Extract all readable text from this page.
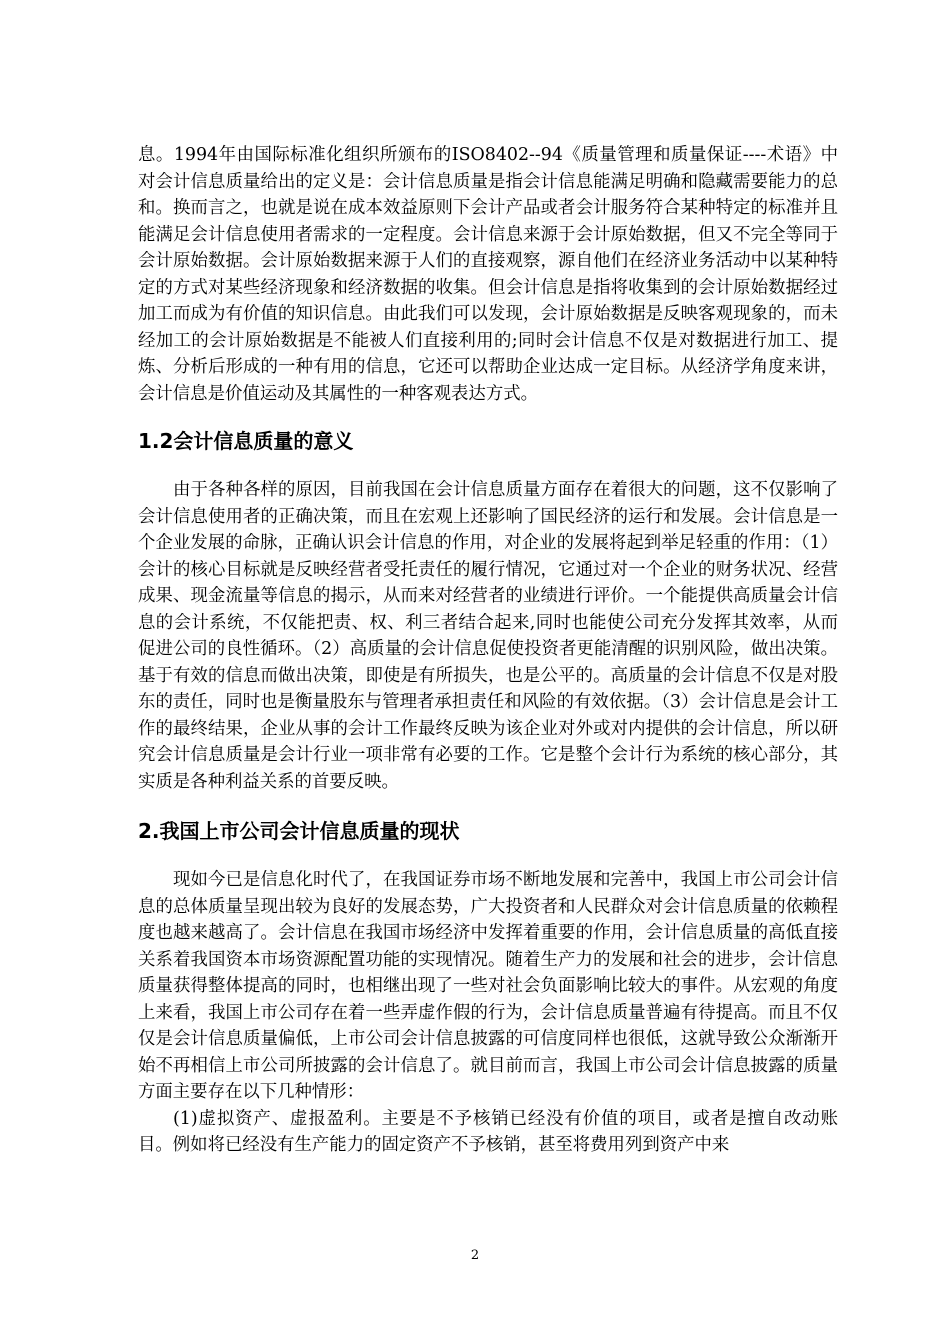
息。1994年由国际标准化组织所颁布的ISO8402--94《质量管理和质量保证----术语》中对会计信息质量给出的定义是：会计信息质量是指会计信息能满足明确和隐藏需要能力的总和。换而言之，也就是说在成本效益原则下会计产品或者会计服务符合某种特定的标准并且能满足会计信息使用者需求的一定程度。会计信息来源于会计原始数据，但又不完全等同于会计原始数据。会计原始数据来源于人们的直接观察，源自他们在经济业务活动中以某种特定的方式对某些经济现象和经济数据的收集。但会计信息是指将收集到的会计原始数据经过加工而成为有价值的知识信息。由此我们可以发现，会计原始数据是反映客观现象的，而未经加工的会计原始数据是不能被人们直接利用的;同时会计信息不仅是对数据进行加工、提炼、分析后形成的一种有用的信息，它还可以帮助企业达成一定目标。从经济学角度来讲，会计信息是价值运动及其属性的一种客观表达方式。

1.2会计信息质量的意义

由于各种各样的原因，目前我国在会计信息质量方面存在着很大的问题，这不仅影响了会计信息使用者的正确决策，而且在宏观上还影响了国民经济的运行和发展。会计信息是一个企业发展的命脉，正确认识会计信息的作用，对企业的发展将起到举足轻重的作用：（1）会计的核心目标就是反映经营者受托责任的履行情况，它通过对一个企业的财务状况、经营成果、现金流量等信息的揭示，从而来对经营者的业绩进行评价。一个能提供高质量会计信息的会计系统，不仅能把责、权、利三者结合起来,同时也能使公司充分发挥其效率，从而促进公司的良性循环。（2）高质量的会计信息促使投资者更能清醒的识别风险，做出决策。基于有效的信息而做出决策，即使是有所损失，也是公平的。高质量的会计信息不仅是对股东的责任，同时也是衡量股东与管理者承担责任和风险的有效依据。（3）会计信息是会计工作的最终结果，企业从事的会计工作最终反映为该企业对外或对内提供的会计信息，所以研究会计信息质量是会计行业一项非常有必要的工作。它是整个会计行为系统的核心部分，其实质是各种利益关系的首要反映。

2.我国上市公司会计信息质量的现状

现如今已是信息化时代了，在我国证券市场不断地发展和完善中，我国上市公司会计信息的总体质量呈现出较为良好的发展态势，广大投资者和人民群众对会计信息质量的依赖程度也越来越高了。会计信息在我国市场经济中发挥着重要的作用，会计信息质量的高低直接关系着我国资本市场资源配置功能的实现情况。随着生产力的发展和社会的进步，会计信息质量获得整体提高的同时，也相继出现了一些对社会负面影响比较大的事件。从宏观的角度上来看，我国上市公司存在着一些弄虚作假的行为，会计信息质量普遍有待提高。而且不仅仅是会计信息质量偏低，上市公司会计信息披露的可信度同样也很低，这就导致公众渐渐开始不再相信上市公司所披露的会计信息了。就目前而言，我国上市公司会计信息披露的质量方面主要存在以下几种情形：

(1)虚拟资产、虚报盈利。主要是不予核销已经没有价值的项目，或者是擅自改动账目。例如将已经没有生产能力的固定资产不予核销，甚至将费用列到资产中来

2
